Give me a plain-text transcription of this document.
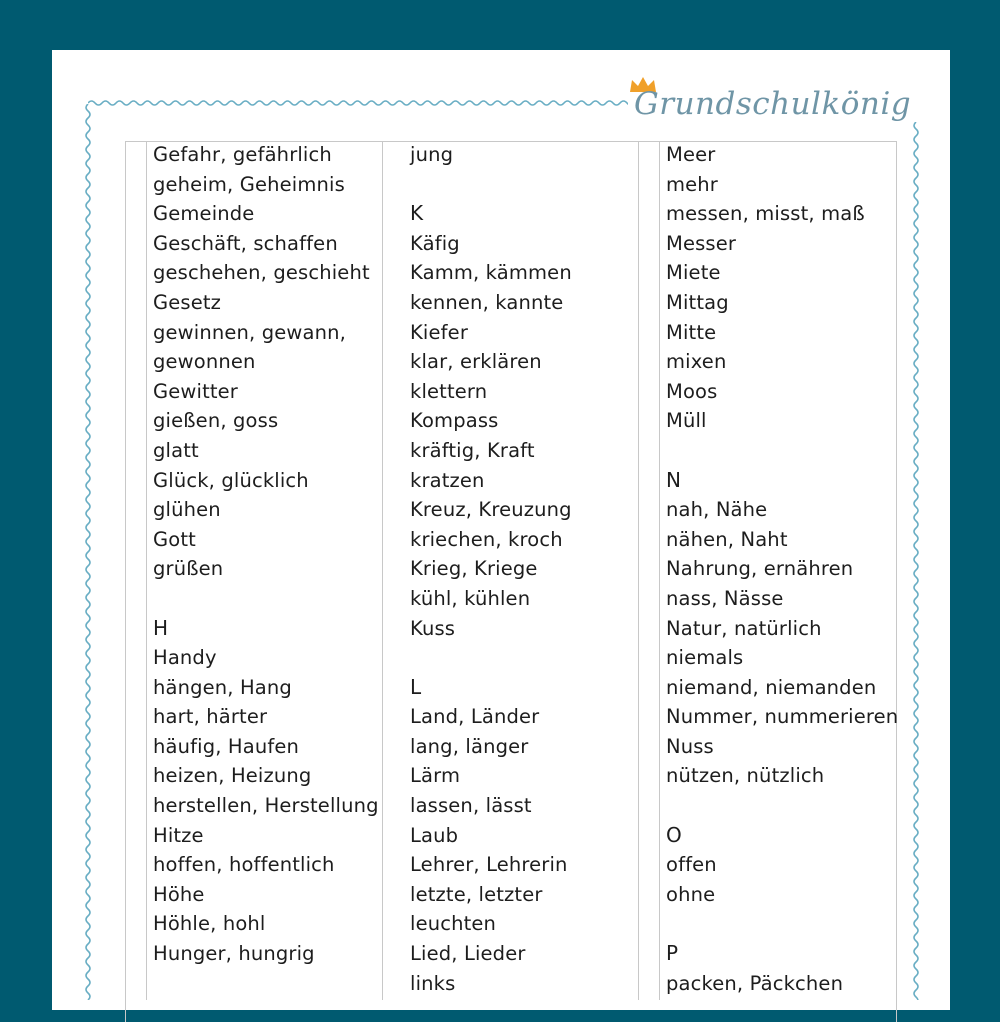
Grundschulkönig
Gefahr, gefährlich
geheim, Geheimnis
Gemeinde
Geschäft, schaffen
geschehen, geschieht
Gesetz
gewinnen, gewann,
gewonnen
Gewitter
gießen, goss
glatt
Glück, glücklich
glühen
Gott
grüßen
H
Handy
hängen, Hang
hart, härter
häufig, Haufen
heizen, Heizung
herstellen, Herstellung
Hitze
hoffen, hoffentlich
Höhe
Höhle, hohl
Hunger, hungrig
jung
K
Käfig
Kamm, kämmen
kennen, kannte
Kiefer
klar, erklären
klettern
Kompass
kräftig, Kraft
kratzen
Kreuz, Kreuzung
kriechen, kroch
Krieg, Kriege
kühl, kühlen
Kuss
L
Land, Länder
lang, länger
Lärm
lassen, lässt
Laub
Lehrer, Lehrerin
letzte, letzter
leuchten
Lied, Lieder
links
Meer
mehr
messen, misst, maß
Messer
Miete
Mittag
Mitte
mixen
Moos
Müll
N
nah, Nähe
nähen, Naht
Nahrung, ernähren
nass, Nässe
Natur, natürlich
niemals
niemand, niemanden
Nummer, nummerieren
Nuss
nützen, nützlich
O
offen
ohne
P
packen, Päckchen
